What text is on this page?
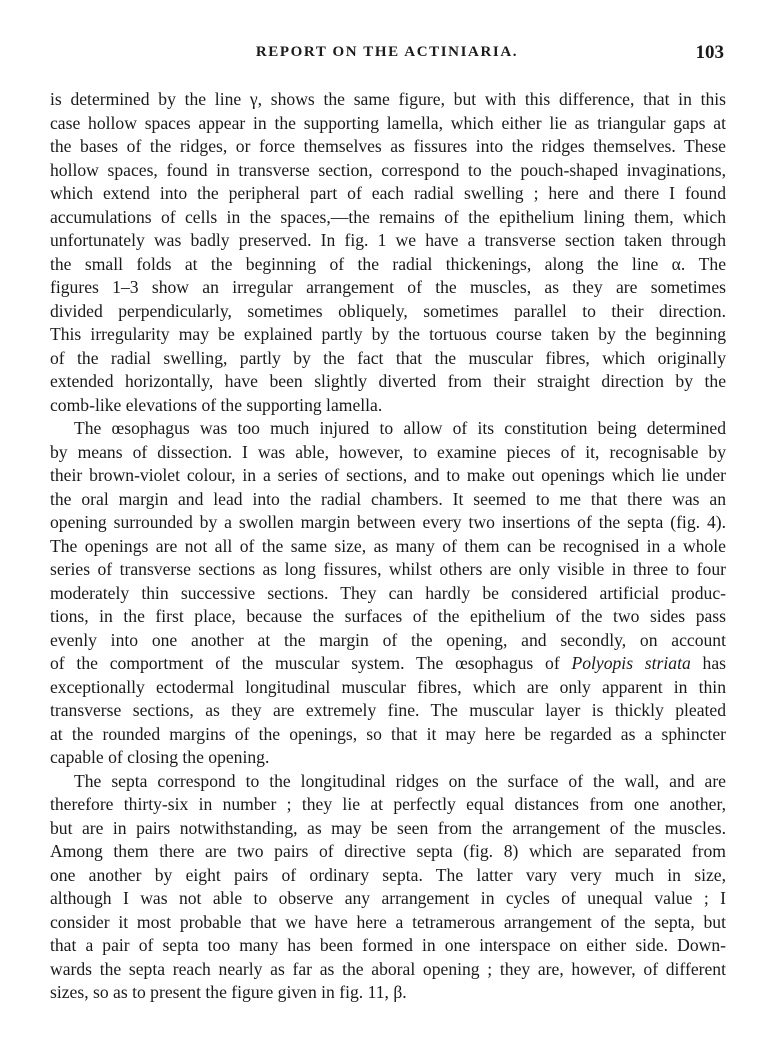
REPORT ON THE ACTINIARIA.	103
is determined by the line γ, shows the same figure, but with this difference, that in this
case hollow spaces appear in the supporting lamella, which either lie as triangular gaps at
the bases of the ridges, or force themselves as fissures into the ridges themselves. These
hollow spaces, found in transverse section, correspond to the pouch-shaped invaginations,
which extend into the peripheral part of each radial swelling ; here and there I found
accumulations of cells in the spaces,—the remains of the epithelium lining them, which
unfortunately was badly preserved. In fig. 1 we have a transverse section taken through
the small folds at the beginning of the radial thickenings, along the line α. The
figures 1–3 show an irregular arrangement of the muscles, as they are sometimes
divided perpendicularly, sometimes obliquely, sometimes parallel to their direction.
This irregularity may be explained partly by the tortuous course taken by the beginning
of the radial swelling, partly by the fact that the muscular fibres, which originally
extended horizontally, have been slightly diverted from their straight direction by the
comb-like elevations of the supporting lamella.
The œsophagus was too much injured to allow of its constitution being determined
by means of dissection. I was able, however, to examine pieces of it, recognisable by
their brown-violet colour, in a series of sections, and to make out openings which lie under
the oral margin and lead into the radial chambers. It seemed to me that there was an
opening surrounded by a swollen margin between every two insertions of the septa (fig. 4).
The openings are not all of the same size, as many of them can be recognised in a whole
series of transverse sections as long fissures, whilst others are only visible in three to four
moderately thin successive sections. They can hardly be considered artificial produc-
tions, in the first place, because the surfaces of the epithelium of the two sides pass
evenly into one another at the margin of the opening, and secondly, on account
of the comportment of the muscular system. The œsophagus of Polyopis striata has
exceptionally ectodermal longitudinal muscular fibres, which are only apparent in thin
transverse sections, as they are extremely fine. The muscular layer is thickly pleated
at the rounded margins of the openings, so that it may here be regarded as a sphincter
capable of closing the opening.
The septa correspond to the longitudinal ridges on the surface of the wall, and are
therefore thirty-six in number ; they lie at perfectly equal distances from one another,
but are in pairs notwithstanding, as may be seen from the arrangement of the muscles.
Among them there are two pairs of directive septa (fig. 8) which are separated from
one another by eight pairs of ordinary septa. The latter vary very much in size,
although I was not able to observe any arrangement in cycles of unequal value ; I
consider it most probable that we have here a tetramerous arrangement of the septa, but
that a pair of septa too many has been formed in one interspace on either side. Down-
wards the septa reach nearly as far as the aboral opening ; they are, however, of different
sizes, so as to present the figure given in fig. 11, β.
